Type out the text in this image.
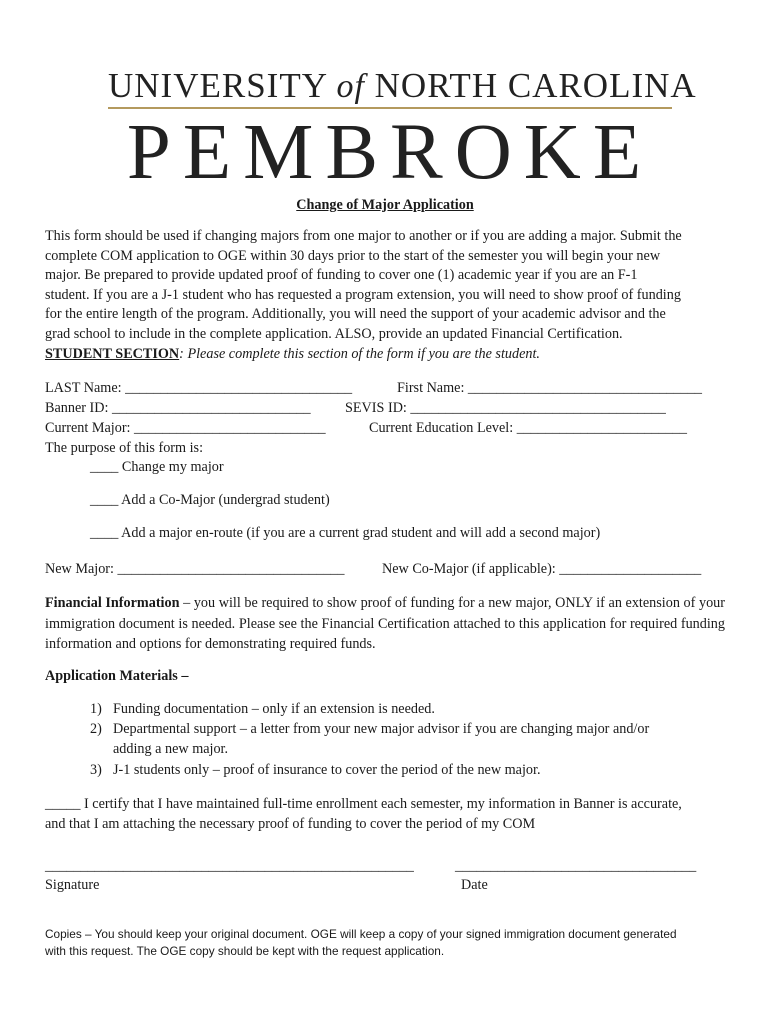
UNIVERSITY of NORTH CAROLINA
PEMBROKE
Change of Major Application

This form should be used if changing majors from one major to another or if you are adding a major. Submit the

complete COM application to OGE within 30 days prior to the start of the semester you will begin your new

major. Be prepared to provide updated proof of funding to cover one (1) academic year if you are an F-1

student. If you are a J-1 student who has requested a program extension, you will need to show proof of funding

for the entire length of the program. Additionally, you will need the support of your academic advisor and the

grad school to include in the complete application. ALSO, provide an updated Financial Certification.

STUDENT SECTION: Please complete this section of the form if you are the student.

LAST Name: ________________________________	First Name: _________________________________
Banner ID: ____________________________ SEVIS ID: ____________________________________
Current Major: ___________________________	Current Education Level: ________________________
The purpose of this form is:
____ Change my major
____ Add a Co-Major (undergrad student)
____ Add a major en-route (if you are a current grad student and will add a second major)
New Major: ________________________________	New Co-Major (if applicable): ____________________
Financial Information – you will be required to show proof of funding for a new major, ONLY if an extension of your immigration document is needed. Please see the Financial Certification attached to this application for required funding information and options for demonstrating required funds.
Application Materials –
1) Funding documentation – only if an extension is needed.
2) Departmental support – a letter from your new major advisor if you are changing major and/or
adding a new major.
3) J-1 students only – proof of insurance to cover the period of the new major.
_____ I certify that I have maintained full-time enrollment each semester, my information in Banner is accurate,
and that I am attaching the necessary proof of funding to cover the period of my COM
____________________________________________________	__________________________________
Signature	Date
Copies – You should keep your original document. OGE will keep a copy of your signed immigration document generated
with this request. The OGE copy should be kept with the request application.
